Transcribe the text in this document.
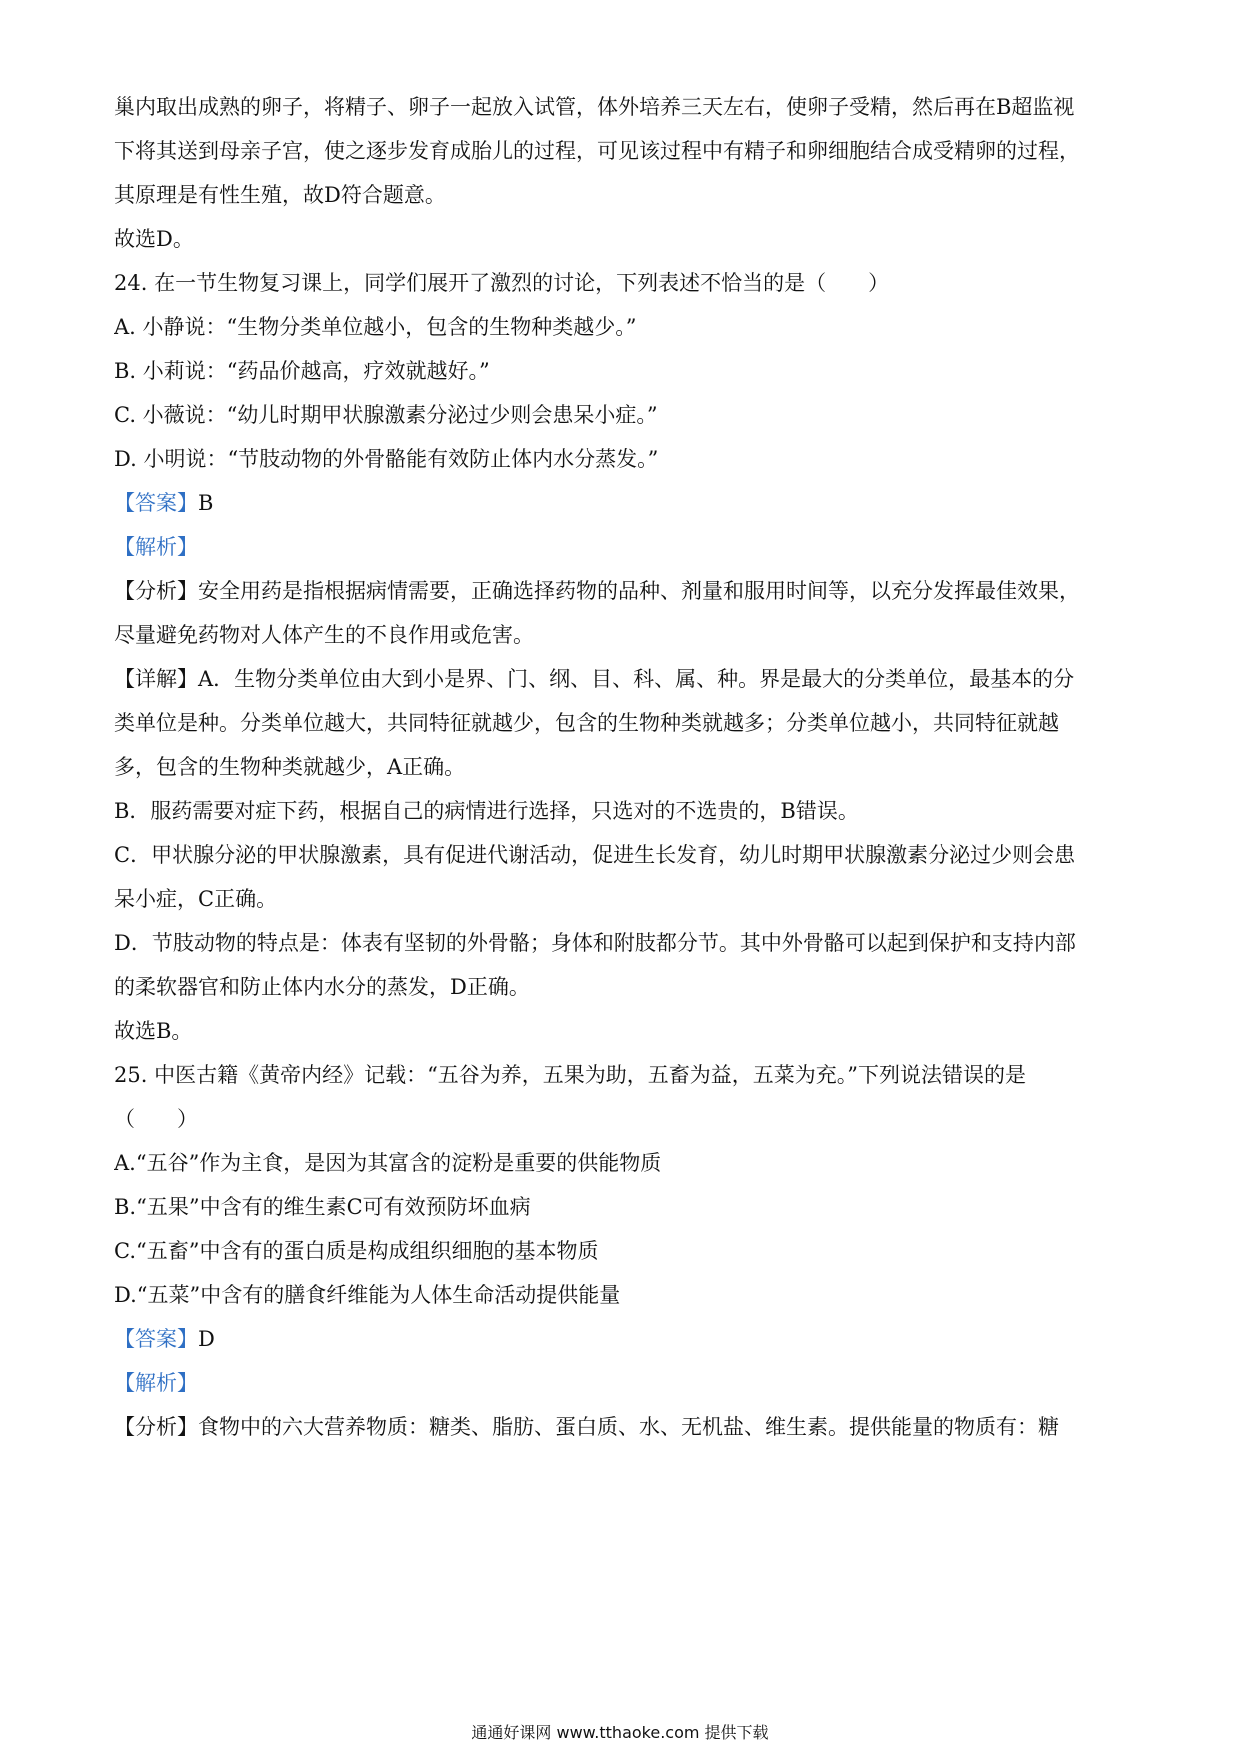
巢内取出成熟的卵子，将精子、卵子一起放入试管，体外培养三天左右，使卵子受精，然后再在B超监视
下将其送到母亲子宫，使之逐步发育成胎儿的过程，可见该过程中有精子和卵细胞结合成受精卵的过程，
其原理是有性生殖，故D符合题意。
故选D。
24. 在一节生物复习课上，同学们展开了激烈的讨论，下列表述不恰当的是（　　）
A. 小静说：“生物分类单位越小，包含的生物种类越少。”
B. 小莉说：“药品价越高，疗效就越好。”
C. 小薇说：“幼儿时期甲状腺激素分泌过少则会患呆小症。”
D. 小明说：“节肢动物的外骨骼能有效防止体内水分蒸发。”
【答案】B
【解析】
【分析】安全用药是指根据病情需要，正确选择药物的品种、剂量和服用时间等，以充分发挥最佳效果，
尽量避免药物对人体产生的不良作用或危害。
【详解】A．生物分类单位由大到小是界、门、纲、目、科、属、种。界是最大的分类单位，最基本的分
类单位是种。分类单位越大，共同特征就越少，包含的生物种类就越多；分类单位越小，共同特征就越
多，包含的生物种类就越少，A正确。
B．服药需要对症下药，根据自己的病情进行选择，只选对的不选贵的，B错误。
C．甲状腺分泌的甲状腺激素，具有促进代谢活动，促进生长发育，幼儿时期甲状腺激素分泌过少则会患
呆小症，C正确。
D．节肢动物的特点是：体表有坚韧的外骨骼；身体和附肢都分节。其中外骨骼可以起到保护和支持内部
的柔软器官和防止体内水分的蒸发，D正确。
故选B。
25. 中医古籍《黄帝内经》记载：“五谷为养，五果为助，五畜为益，五菜为充。”下列说法错误的是
（　　）
A.“五谷”作为主食，是因为其富含的淀粉是重要的供能物质
B.“五果”中含有的维生素C可有效预防坏血病
C.“五畜”中含有的蛋白质是构成组织细胞的基本物质
D.“五菜”中含有的膳食纤维能为人体生命活动提供能量
【答案】D
【解析】
【分析】食物中的六大营养物质：糖类、脂肪、蛋白质、水、无机盐、维生素。提供能量的物质有：糖
通通好课网 www.tthaoke.com 提供下载
